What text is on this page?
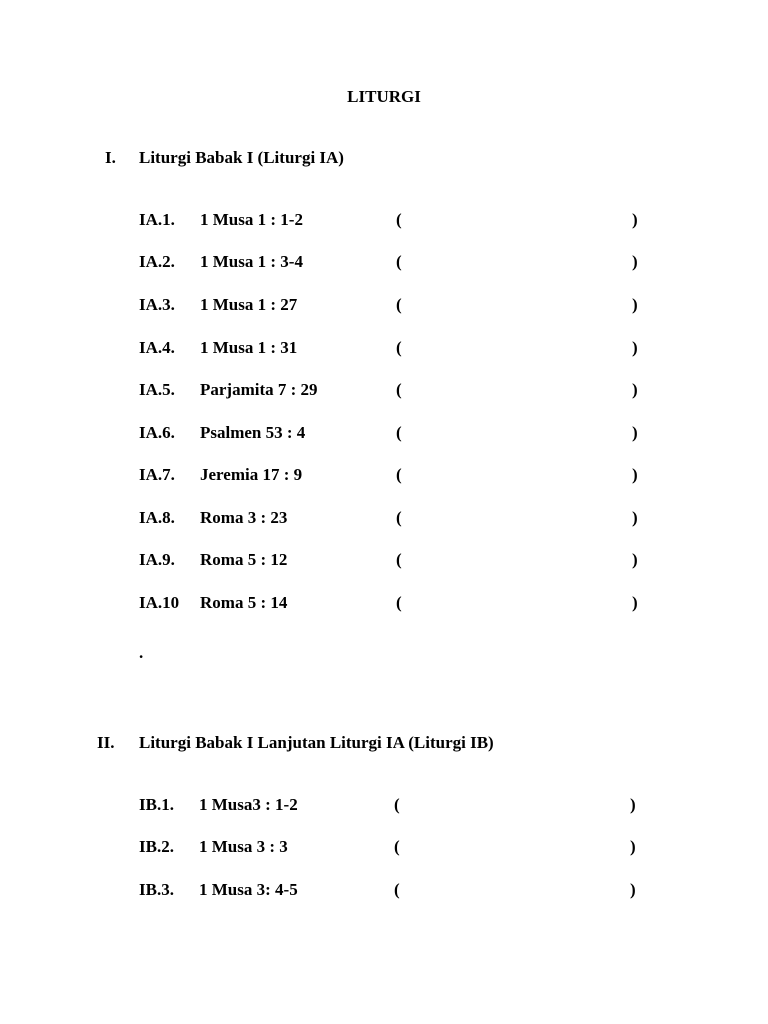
LITURGI
I. Liturgi Babak I (Liturgi IA)
IA.1. 1 Musa 1 : 1-2	(	)
IA.2. 1 Musa 1 : 3-4	(	)
IA.3. 1 Musa 1 : 27	(	)
IA.4. 1 Musa 1 : 31	(	)
IA.5. Parjamita 7 : 29	(	)
IA.6. Psalmen 53 : 4	(	)
IA.7. Jeremia 17 : 9	(	)
IA.8. Roma 3 : 23	(	)
IA.9. Roma 5 : 12	(	)
IA.10 Roma 5 : 14	(	)
.
II. Liturgi Babak I Lanjutan Liturgi IA (Liturgi IB)
IB.1. 1 Musa3 : 1-2	(	)
IB.2. 1 Musa 3 : 3	(	)
IB.3. 1 Musa 3: 4-5	(	)
